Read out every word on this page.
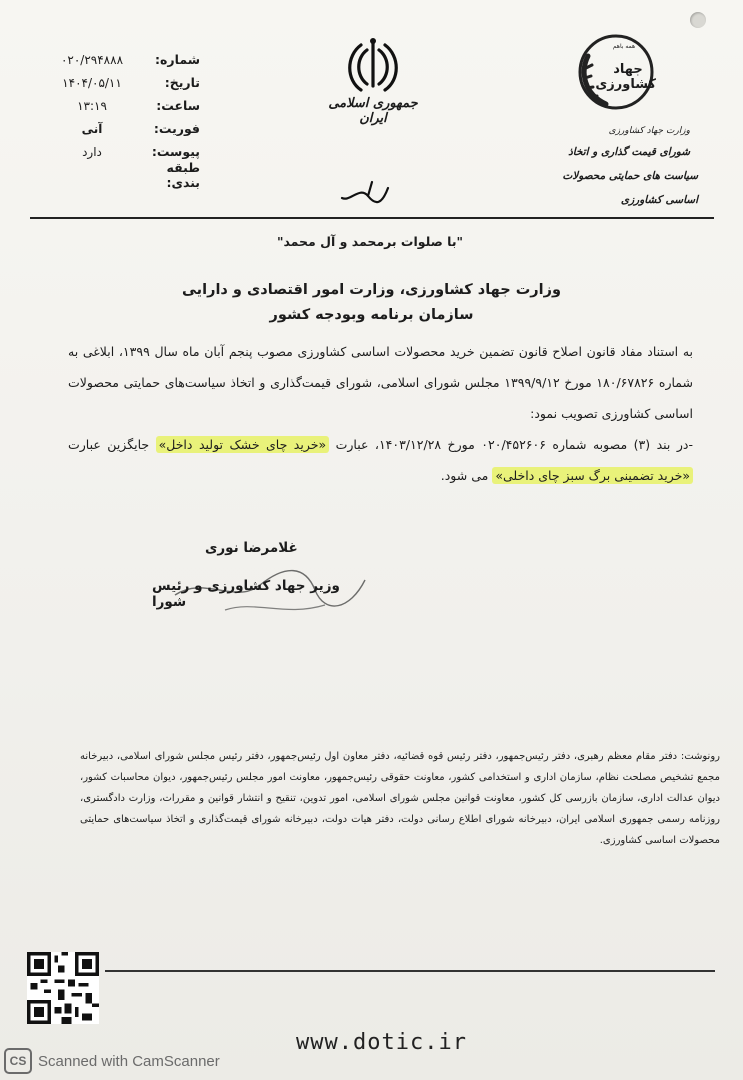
شماره:
۰۲۰/۲۹۴۸۸۸
تاریخ:
۱۴۰۴/۰۵/۱۱
ساعت:
۱۳:۱۹
فوریت:
آنی
پیوست:
دارد
طبقه بندی:
جمهوری اسلامی ایران
همه باهم
جهاد کشاورزی
وزارت جهاد کشاورزی
شورای قیمت گذاری و اتخاذ
سیاست های حمایتی محصولات اساسی کشاورزی
"با صلوات برمحمد و آل محمد"
وزارت جهاد کشاورزی، وزارت امور اقتصادی و دارایی
سازمان برنامه وبودجه کشور

به استناد مفاد قانون اصلاح قانون تضمین خرید محصولات اساسی کشاورزی مصوب پنجم آبان ماه سال ۱۳۹۹، ابلاغی به شماره ۱۸۰/۶۷۸۲۶ مورخ ۱۳۹۹/۹/۱۲ مجلس شورای اسلامی، شورای قیمت‌گذاری و اتخاذ سیاست‌های حمایتی محصولات اساسی کشاورزی تصویب نمود:

-در بند (۳) مصوبه شماره ۰۲۰/۴۵۲۶۰۶ مورخ ۱۴۰۳/۱۲/۲۸، عبارت «خرید چای خشک تولید داخل» جایگزین عبارت «خرید تضمینی برگ سبز چای داخلی» می شود.

غلامرضا نوری
وزیر جهاد کشاورزی و رئیس شورا
رونوشت: دفتر مقام معظم رهبری، دفتر رئیس‌جمهور، دفتر رئیس قوه قضائیه، دفتر معاون اول رئیس‌جمهور، دفتر رئیس مجلس شورای اسلامی، دبیرخانه مجمع تشخیص مصلحت نظام، سازمان اداری و استخدامی کشور، معاونت حقوقی رئیس‌جمهور، معاونت امور مجلس رئیس‌جمهور، دیوان محاسبات کشور، دیوان عدالت اداری، سازمان بازرسی کل کشور، معاونت قوانین مجلس شورای اسلامی، امور تدوین، تنقیح و انتشار قوانین و مقررات، وزارت دادگستری، روزنامه رسمی جمهوری اسلامی ایران، دبیرخانه شورای اطلاع رسانی دولت، دفتر هیات دولت، دبیرخانه شورای قیمت‌گذاری و اتخاذ سیاست‌های حمایتی محصولات اساسی کشاورزی.
www.dotic.ir
CS Scanned with CamScanner
